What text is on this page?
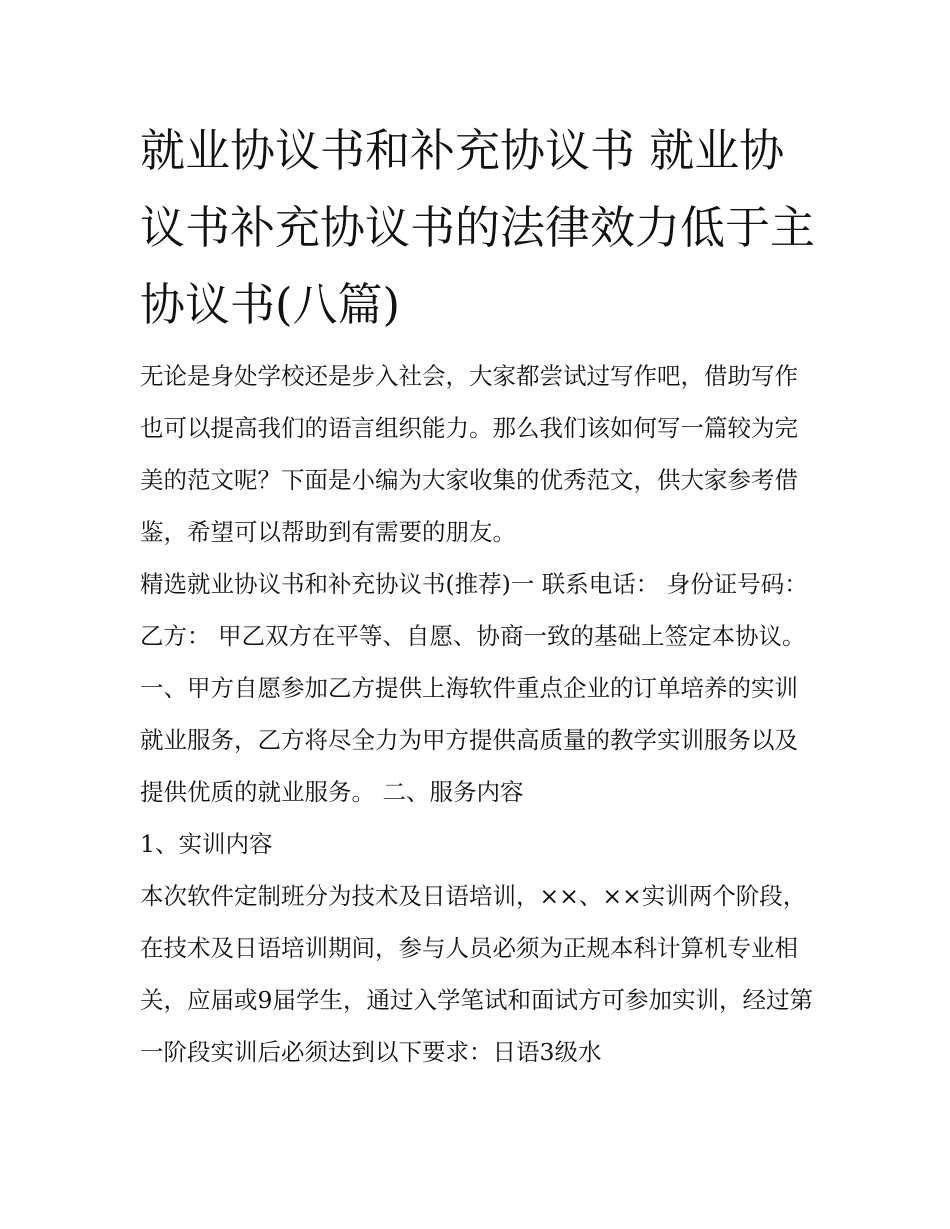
就业协议书和补充协议书 就业协议书补充协议书的法律效力低于主协议书(八篇)

无论是身处学校还是步入社会，大家都尝试过写作吧，借助写作也可以提高我们的语言组织能力。那么我们该如何写一篇较为完美的范文呢？下面是小编为大家收集的优秀范文，供大家参考借鉴，希望可以帮助到有需要的朋友。

精选就业协议书和补充协议书(推荐)一 联系电话： 身份证号码： 乙方： 甲乙双方在平等、自愿、协商一致的基础上签定本协议。

一、甲方自愿参加乙方提供上海软件重点企业的订单培养的实训就业服务，乙方将尽全力为甲方提供高质量的教学实训服务以及提供优质的就业服务。 二、服务内容

1、实训内容

本次软件定制班分为技术及日语培训，××、××实训两个阶段，在技术及日语培训期间，参与人员必须为正规本科计算机专业相关，应届或9届学生，通过入学笔试和面试方可参加实训，经过第一阶段实训后必须达到以下要求：日语3级水
